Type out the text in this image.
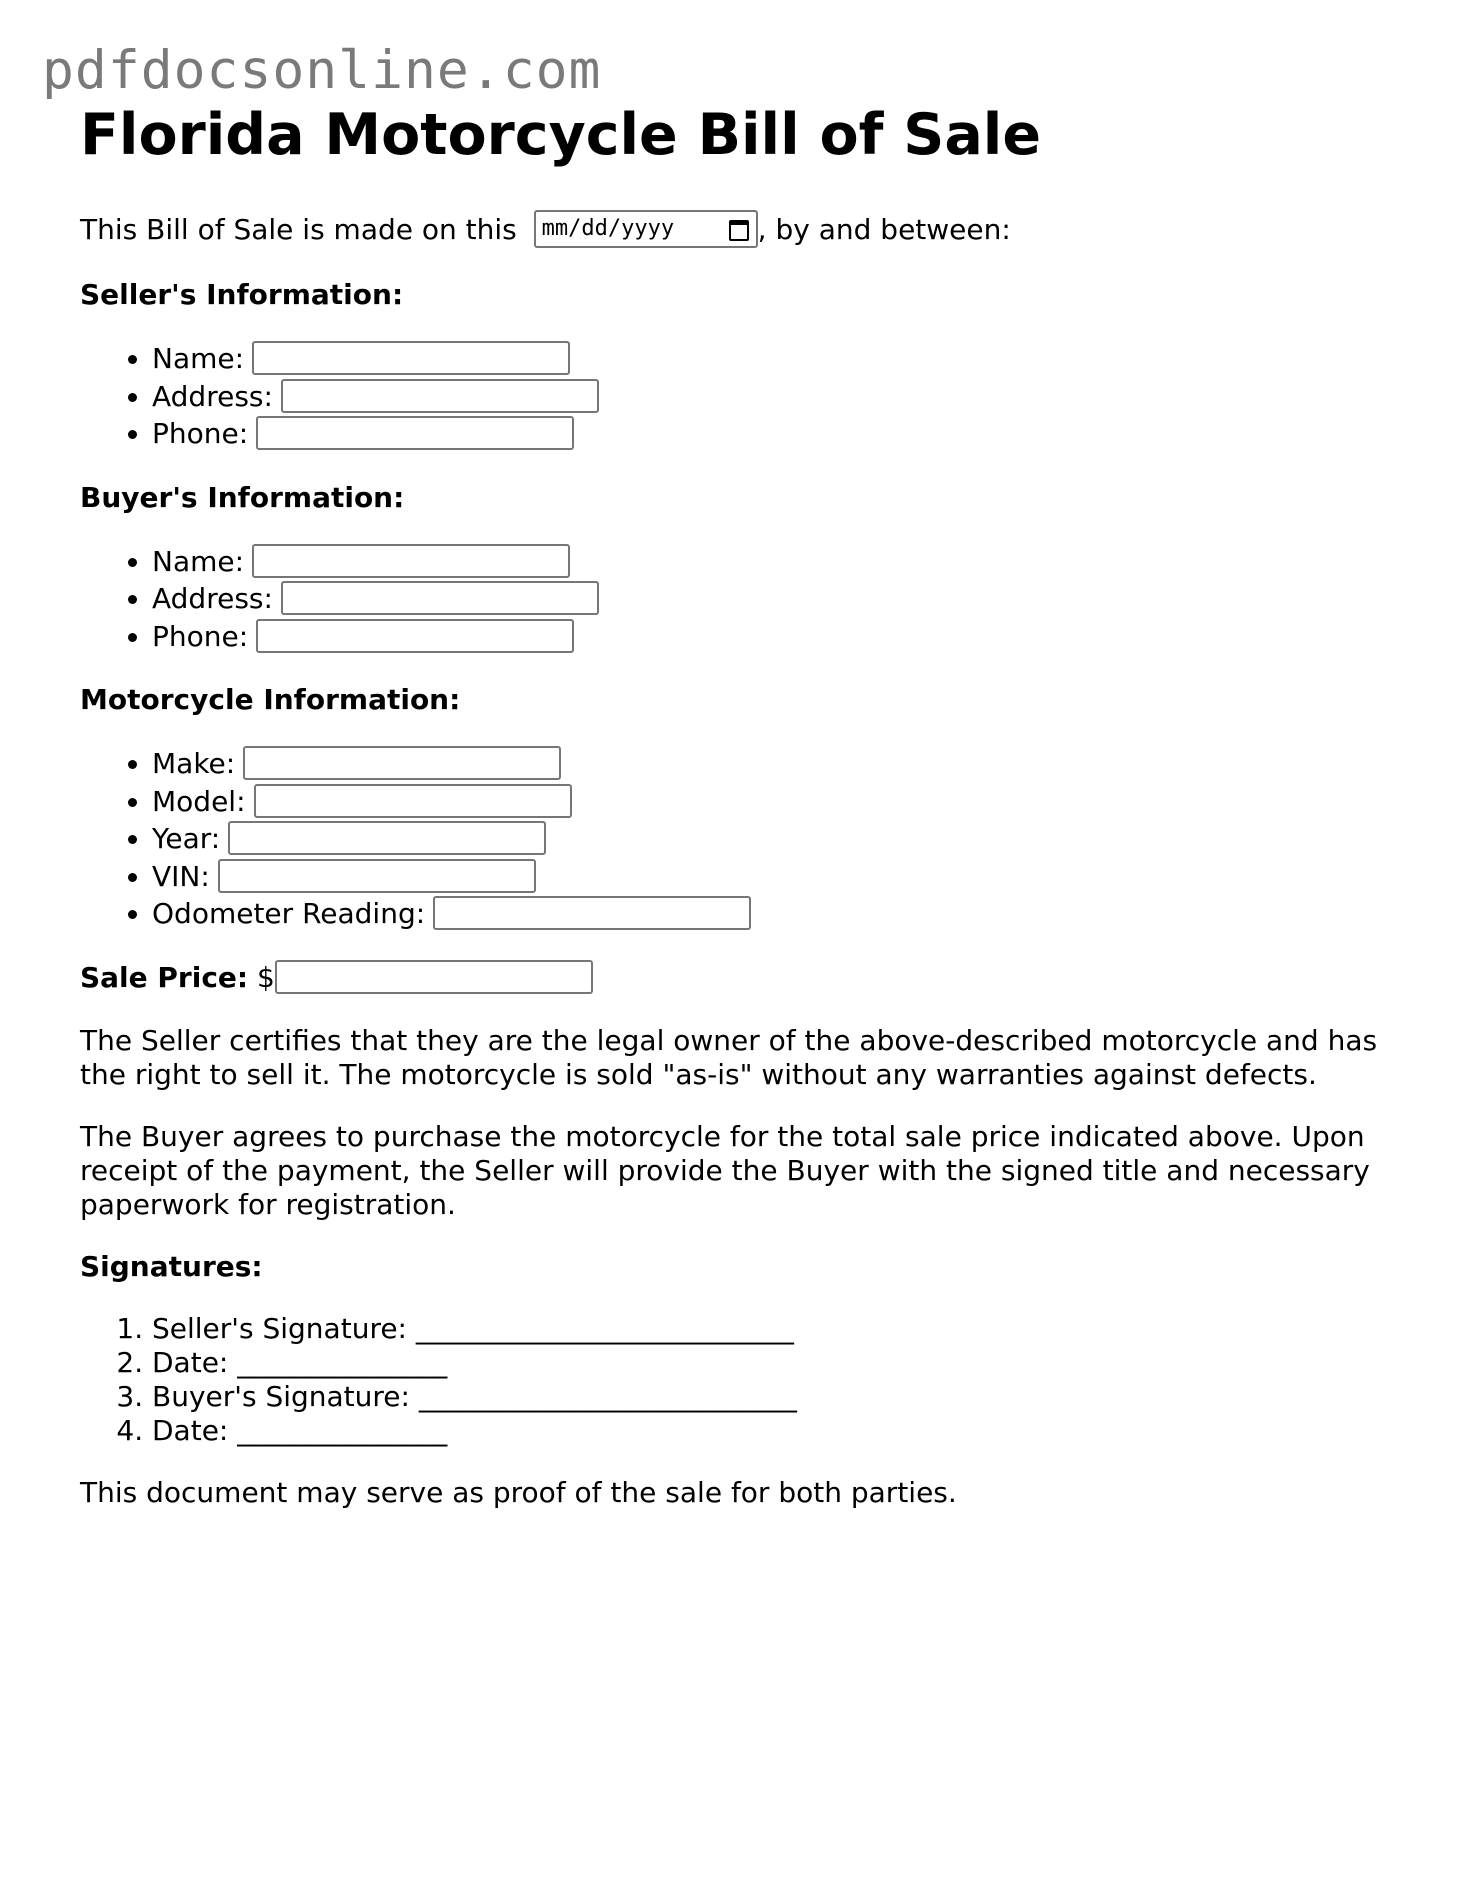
pdfdocsonline.com
Florida Motorcycle Bill of Sale

This Bill of Sale is made on this mm/dd/yyyy	, by and between:

Seller's Information:
• Name:
• Address:
• Phone:
Buyer's Information:
• Name:
• Address:
• Phone:
Motorcycle Information:
• Make:
• Model:
• Year:
• VIN:
• Odometer Reading:

Sale Price: $

The Seller certifies that they are the legal owner of the above-described motorcycle and has the right to sell it. The motorcycle is sold "as-is" without any warranties against defects.

The Buyer agrees to purchase the motorcycle for the total sale price indicated above. Upon receipt of the payment, the Seller will provide the Buyer with the signed title and necessary paperwork for registration.

Signatures:
1. Seller's Signature: ___________________________
2. Date: _______________
3. Buyer's Signature: ___________________________
4. Date: _______________

This document may serve as proof of the sale for both parties.
